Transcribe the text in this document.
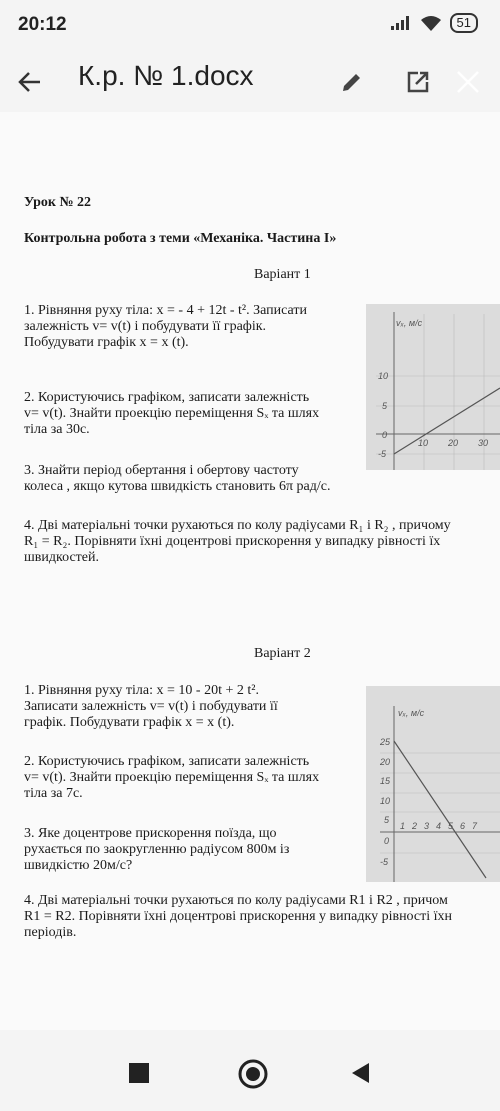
20:12	51
К.р. № 1.docx
Урок № 22
Контрольна робота з теми «Механіка. Частина І»
Варіант 1
1. Рівняння руху тіла: x = - 4 + 12t - t². Записати
залежність v= v(t) і побудувати її графік.
Побудувати графік x = x (t).
2. Користуючись графіком, записати залежність
v= v(t). Знайти проекцію переміщення Sₓ та шлях
тіла за 30с.
3. Знайти період обертання і обертову частоту
колеса , якщо кутова швидкість становить 6π рад/с.
4. Дві матеріальні точки рухаються по колу радіусами R₁ і R₂ , причому
R₁ = R₂. Порівняти їхні доцентрові прискорення у випадку рівності їх
швидкостей.
vₓ, м/с
10
5
0
-5
10 20 30
Варіант 2
1. Рівняння руху тіла: x = 10 - 20t + 2 t².
Записати залежність v= v(t) і побудувати її
графік. Побудувати графік x = x (t).
2. Користуючись графіком, записати залежність
v= v(t). Знайти проекцію переміщення Sₓ та шлях
тіла за 7с.
3. Яке доцентрове прискорення поїзда, що
рухається по заокругленню радіусом 800м із
швидкістю 20м/с?
4. Дві матеріальні точки рухаються по колу радіусами R1 і R2 , причом
R1 = R2. Порівняти їхні доцентрові прискорення у випадку рівності їхн
періодів.
vₓ, м/с
25
20
15
10
5
0
-5
1 2 3 4 5 6 7
